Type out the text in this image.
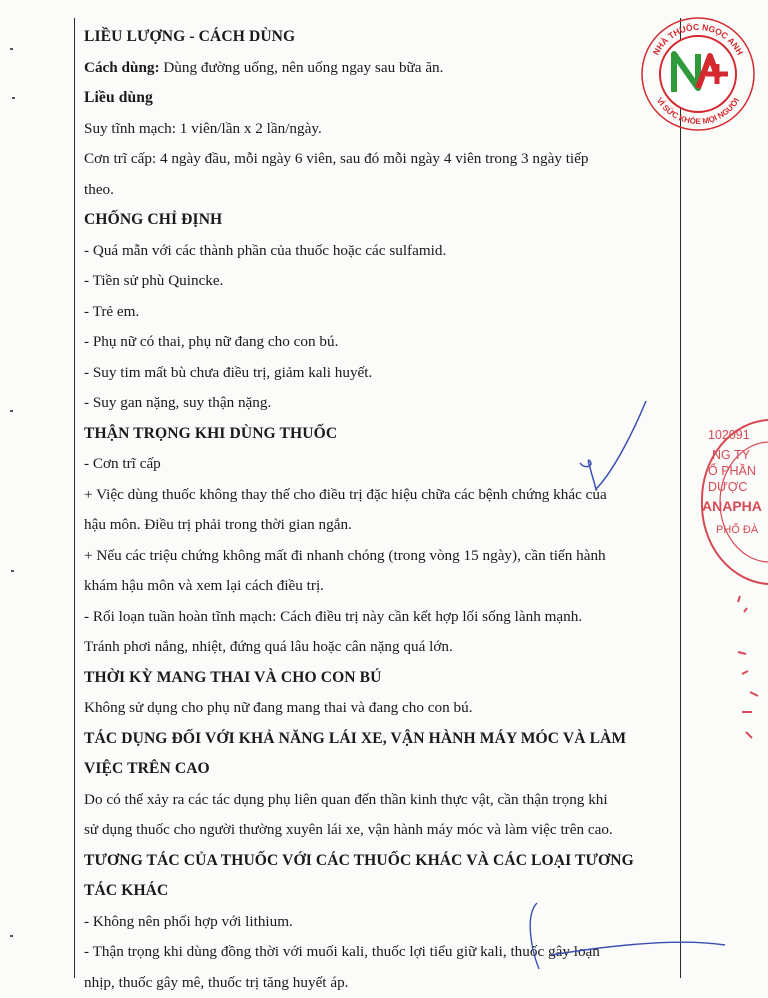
LIỀU LƯỢNG - CÁCH DÙNG

Cách dùng: Dùng đường uống, nên uống ngay sau bữa ăn.

Liều dùng

Suy tĩnh mạch: 1 viên/lần x 2 lần/ngày.

Cơn trĩ cấp: 4 ngày đầu, mỗi ngày 6 viên, sau đó mỗi ngày 4 viên trong 3 ngày tiếp

theo.

CHỐNG CHỈ ĐỊNH

- Quá mẫn với các thành phần của thuốc hoặc các sulfamid.

- Tiền sử phù Quincke.

- Trẻ em.

- Phụ nữ có thai, phụ nữ đang cho con bú.

- Suy tim mất bù chưa điều trị, giảm kali huyết.

- Suy gan nặng, suy thận nặng.

THẬN TRỌNG KHI DÙNG THUỐC

- Cơn trĩ cấp

+ Việc dùng thuốc không thay thế cho điều trị đặc hiệu chữa các bệnh chứng khác của

hậu môn. Điều trị phải trong thời gian ngắn.

+ Nếu các triệu chứng không mất đi nhanh chóng (trong vòng 15 ngày), cần tiến hành

khám hậu môn và xem lại cách điều trị.

- Rối loạn tuần hoàn tĩnh mạch: Cách điều trị này cần kết hợp lối sống lành mạnh.

Tránh phơi nắng, nhiệt, đứng quá lâu hoặc cân nặng quá lớn.

THỜI KỲ MANG THAI VÀ CHO CON BÚ

Không sử dụng cho phụ nữ đang mang thai và đang cho con bú.

TÁC DỤNG ĐỐI VỚI KHẢ NĂNG LÁI XE, VẬN HÀNH MÁY MÓC VÀ LÀM

VIỆC TRÊN CAO

Do có thể xảy ra các tác dụng phụ liên quan đến thần kinh thực vật, cần thận trọng khi

sử dụng thuốc cho người thường xuyên lái xe, vận hành máy móc và làm việc trên cao.

TƯƠNG TÁC CỦA THUỐC VỚI CÁC THUỐC KHÁC VÀ CÁC LOẠI TƯƠNG

TÁC KHÁC

- Không nên phối hợp với lithium.

- Thận trọng khi dùng đồng thời với muối kali, thuốc lợi tiểu giữ kali, thuốc gây loạn

nhịp, thuốc gây mê, thuốc trị tăng huyết áp.

NHÀ THUỐC NGỌC ANH
VÌ SỨC KHỎE MỌI NGƯỜI
102091
NG TY
Ổ PHẦN
DƯỢC
ANAPHA
PHỐ ĐÀ
